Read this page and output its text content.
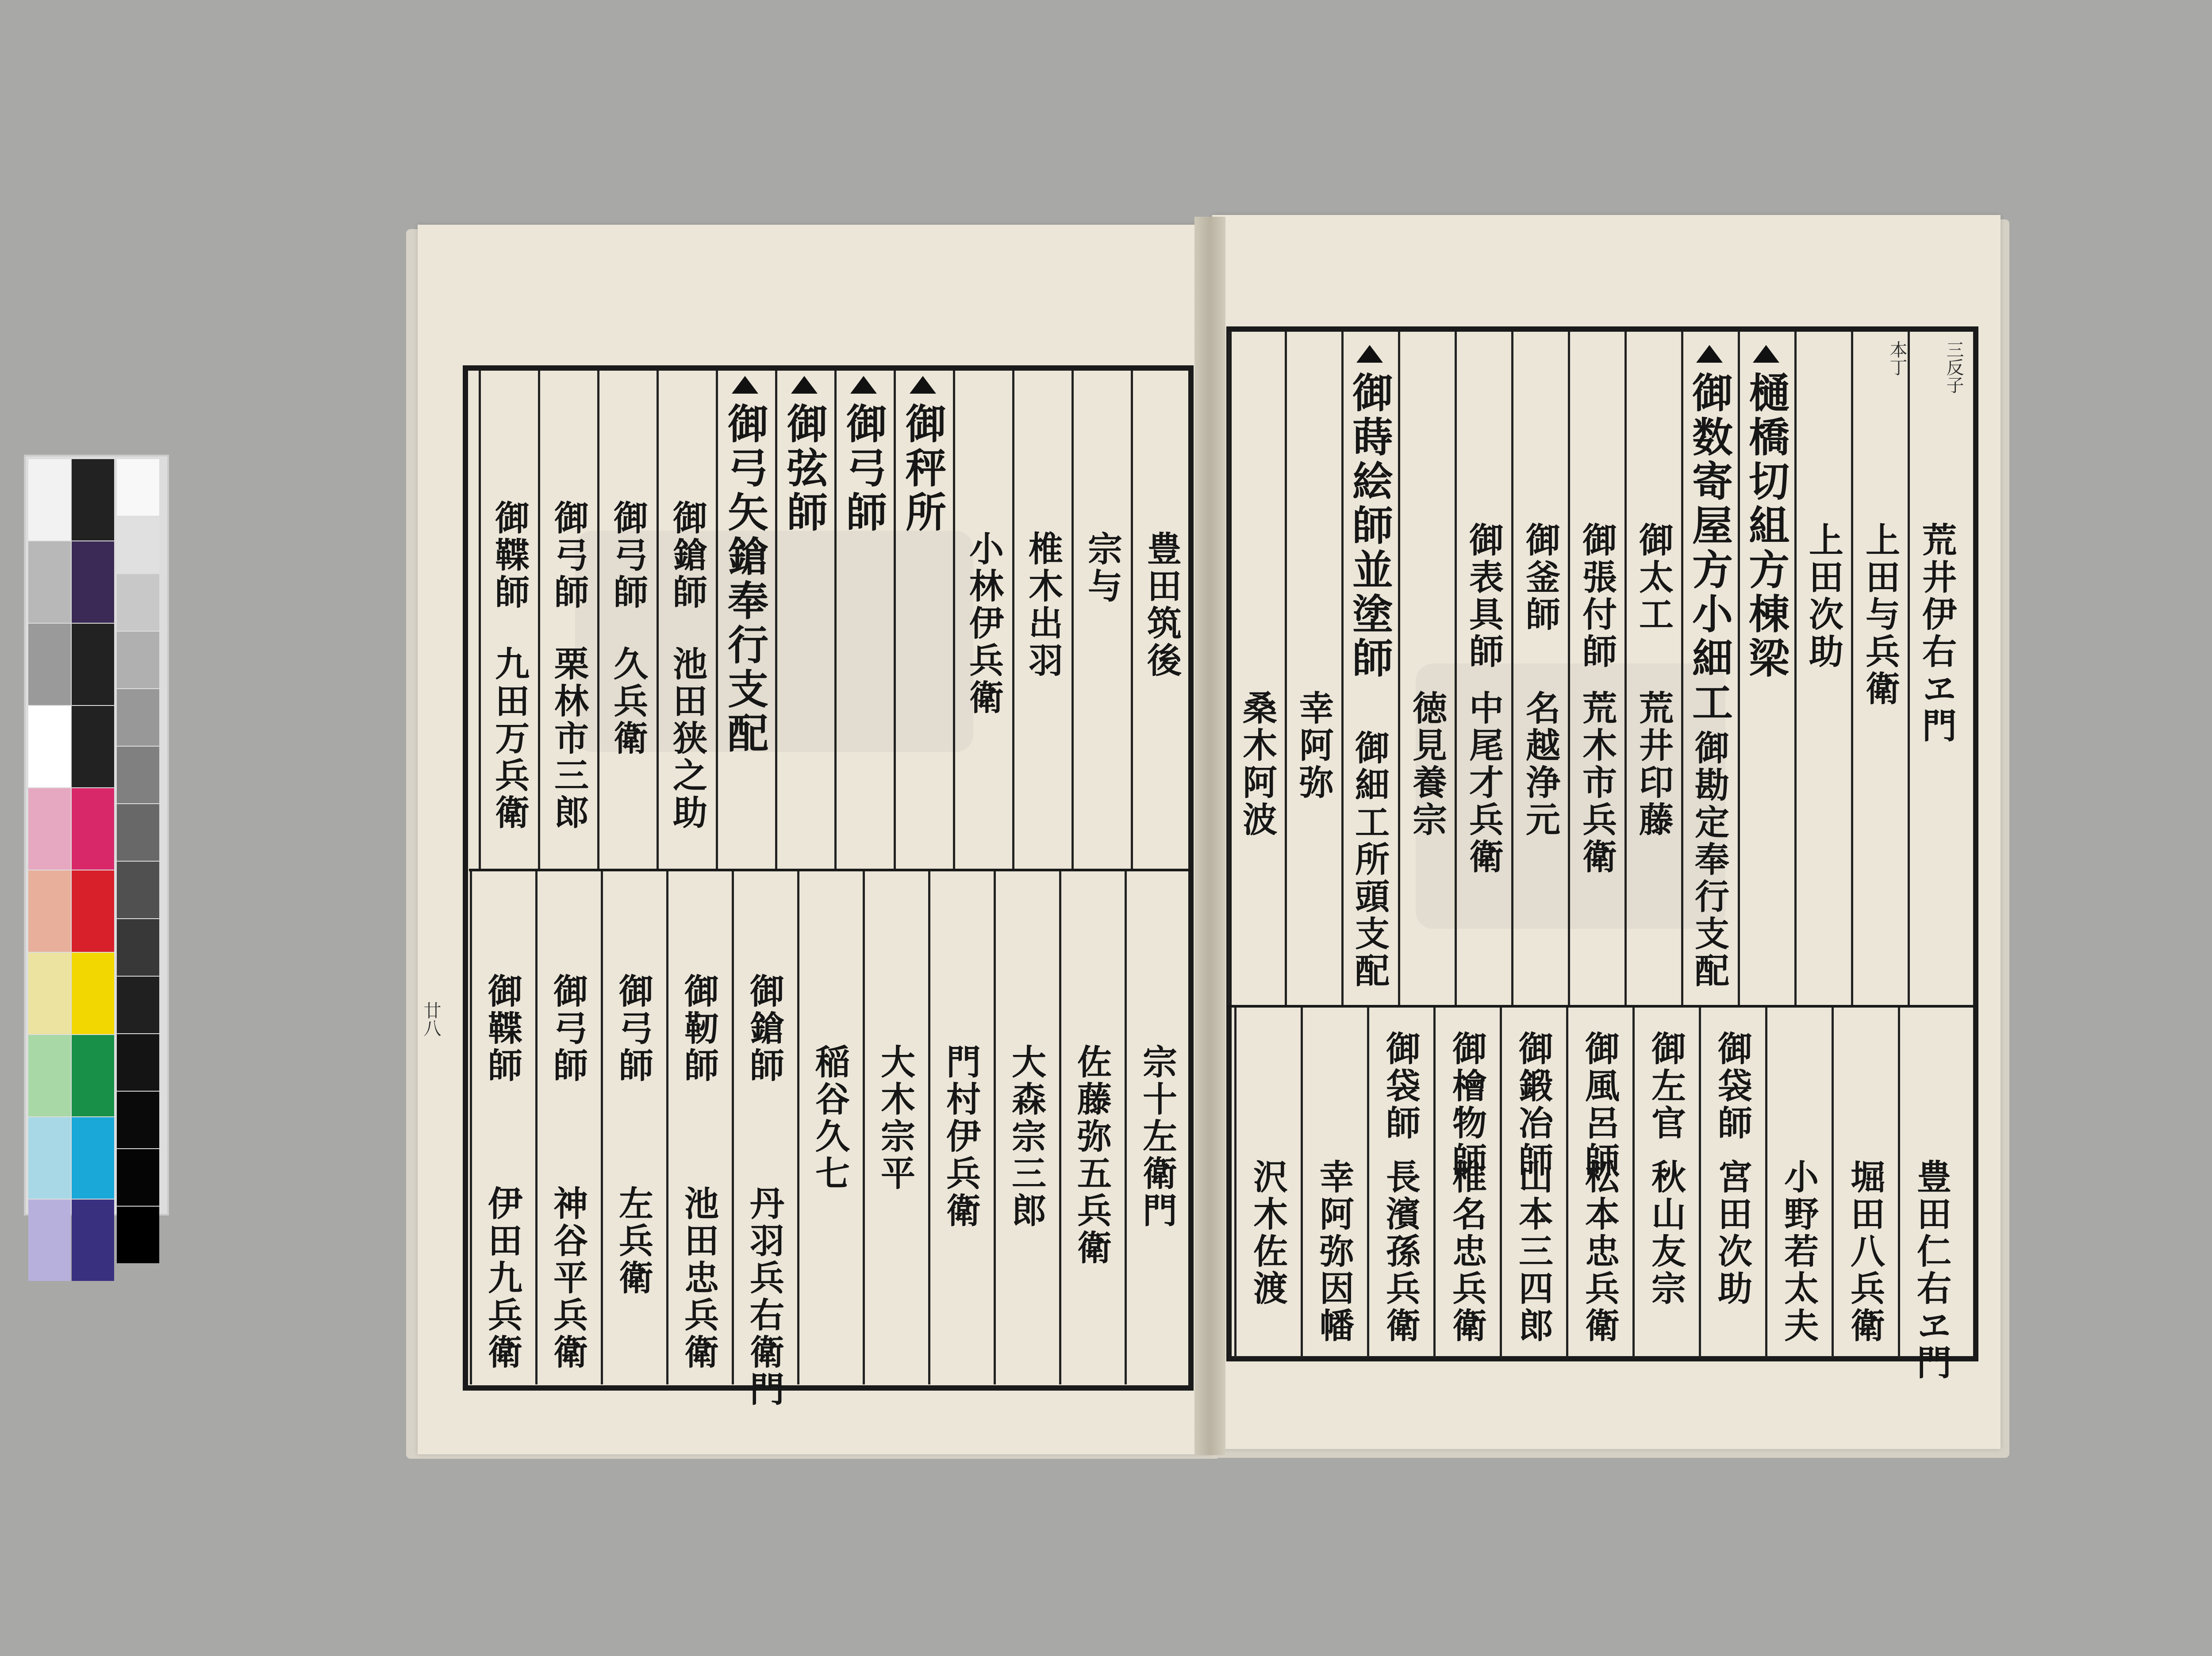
三反子
荒井伊右ヱ門
本丁
上田与兵衛
上田次助
樋橋切組方棟梁
御数寄屋方小細工
御勘定奉行支配
御太工
荒井印藤
御張付師
荒木市兵衛
御釜師
名越浄元
御表具師
中尾才兵衛
徳見養宗
御蒔絵師並塗師
御細工所頭支配
幸阿弥
桑木阿波
豊田仁右ヱ門
堀田八兵衛
小野若太夫
御袋師
宮田次助
御左官
秋山友宗
御風呂師
松本忠兵衛
御鍛冶師
山本三四郎
御檜物師
椎名忠兵衛
御袋師
長濱孫兵衛
幸阿弥因幡
沢木佐渡
豊田筑後
宗与
椎木出羽
小林伊兵衛
御秤所
御弓師
御弦師
御弓矢鎗奉行支配
御鎗師
池田狭之助
御弓師
久兵衛
御弓師
栗林市三郎
御鞢師
九田万兵衛
宗十左衛門
佐藤弥五兵衛
大森宗三郎
門村伊兵衛
大木宗平
稲谷久七
御鎗師
丹羽兵右衛門
御靭師
池田忠兵衛
御弓師
左兵衛
御弓師
神谷平兵衛
御鞢師
伊田九兵衛
廿八
